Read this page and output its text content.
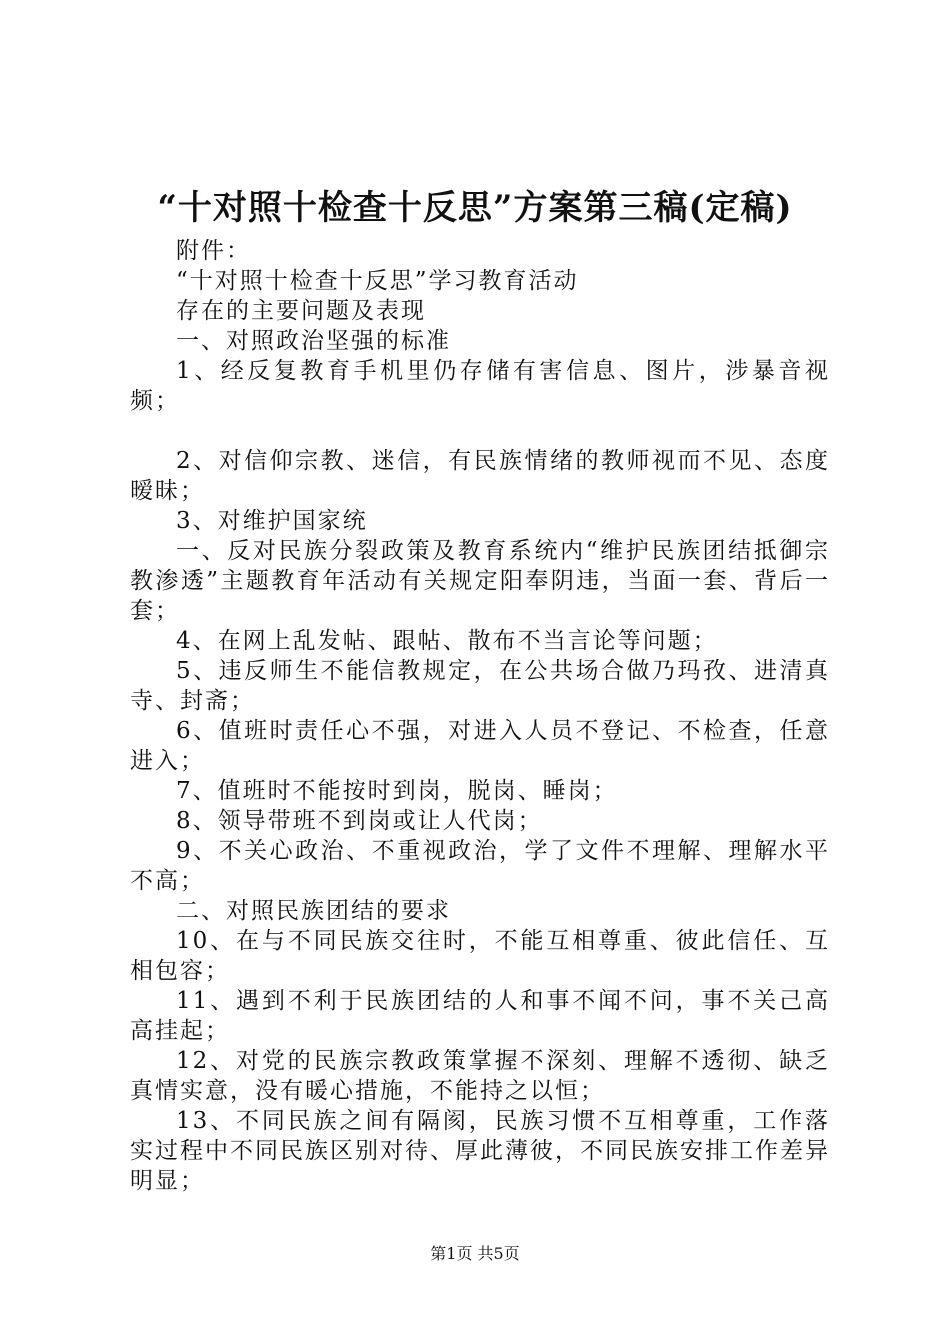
“十对照十检查十反思”方案第三稿(定稿)

附件：

“十对照十检查十反思”学习教育活动

存在的主要问题及表现

一、对照政治坚强的标准

1、经反复教育手机里仍存储有害信息、图片，涉暴音视频；

2、对信仰宗教、迷信，有民族情绪的教师视而不见、态度暧昧；

3、对维护国家统

一、反对民族分裂政策及教育系统内“维护民族团结抵御宗教渗透”主题教育年活动有关规定阳奉阴违，当面一套、背后一套；

4、在网上乱发帖、跟帖、散布不当言论等问题；

5、违反师生不能信教规定，在公共场合做乃玛孜、进清真寺、封斋；

6、值班时责任心不强，对进入人员不登记、不检查，任意进入；

7、值班时不能按时到岗，脱岗、睡岗；

8、领导带班不到岗或让人代岗；

9、不关心政治、不重视政治，学了文件不理解、理解水平不高；

二、对照民族团结的要求

10、在与不同民族交往时，不能互相尊重、彼此信任、互相包容；

11、遇到不利于民族团结的人和事不闻不问，事不关己高高挂起；

12、对党的民族宗教政策掌握不深刻、理解不透彻、缺乏真情实意，没有暖心措施，不能持之以恒；

13、不同民族之间有隔阂，民族习惯不互相尊重，工作落实过程中不同民族区别对待、厚此薄彼，不同民族安排工作差异明显；

第1页 共5页
